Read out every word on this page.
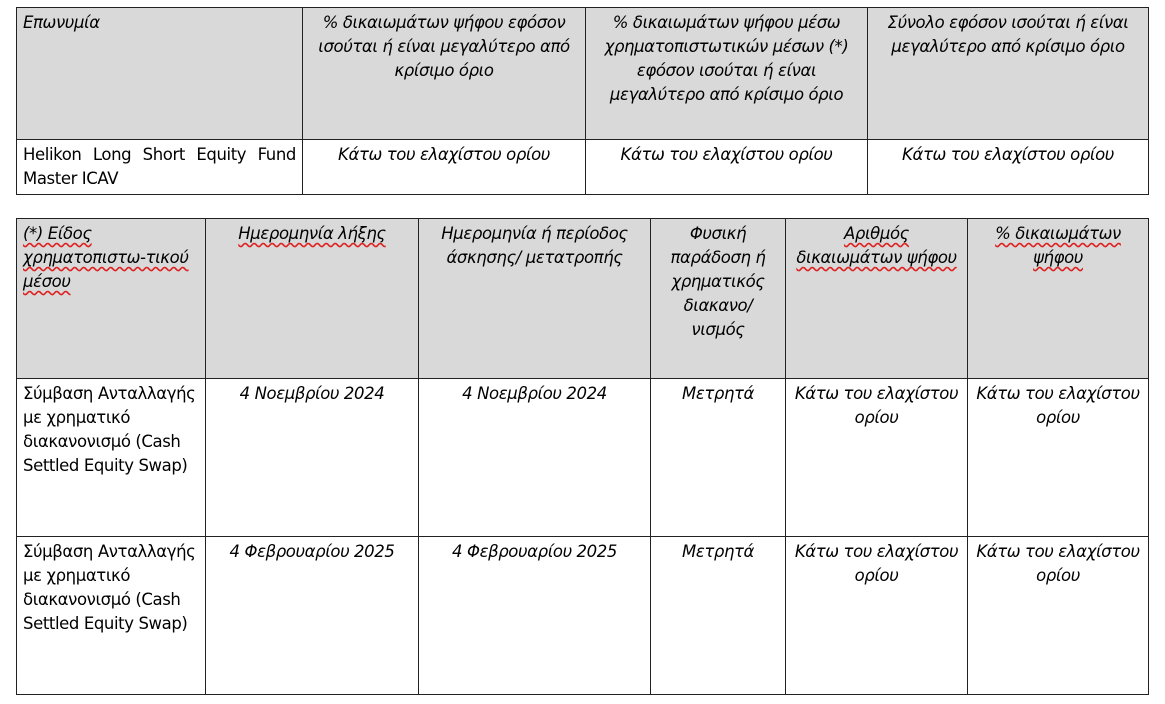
Επωνυμία	% δικαιωμάτων ψήφου εφόσον ισούται ή είναι μεγαλύτερο από κρίσιμο όριο	% δικαιωμάτων ψήφου μέσω χρηματοπιστωτικών μέσων (*) εφόσον ισούται ή είναι μεγαλύτερο από κρίσιμο όριο	Σύνολο εφόσον ισούται ή είναι μεγαλύτερο από κρίσιμο όριο
Helikon Long Short Equity Fund Master ICAV	Κάτω του ελαχίστου ορίου	Κάτω του ελαχίστου ορίου	Κάτω του ελαχίστου ορίου
(*) Είδος χρηματοπιστω-τικού μέσου	Ημερομηνία λήξης	Ημερομηνία ή περίοδος άσκησης/ μετατροπής	Φυσική παράδοση ή χρηματικός διακανο/ νισμός	Αριθμός δικαιωμάτων ψήφου	% δικαιωμάτων ψήφου
Σύμβαση Ανταλλαγής με χρηματικό διακανονισμό (Cash Settled Equity Swap)	4 Νοεμβρίου 2024	4 Νοεμβρίου 2024	Μετρητά	Κάτω του ελαχίστου ορίου	Κάτω του ελαχίστου ορίου
Σύμβαση Ανταλλαγής με χρηματικό διακανονισμό (Cash Settled Equity Swap)	4 Φεβρουαρίου 2025	4 Φεβρουαρίου 2025	Μετρητά	Κάτω του ελαχίστου ορίου	Κάτω του ελαχίστου ορίου
